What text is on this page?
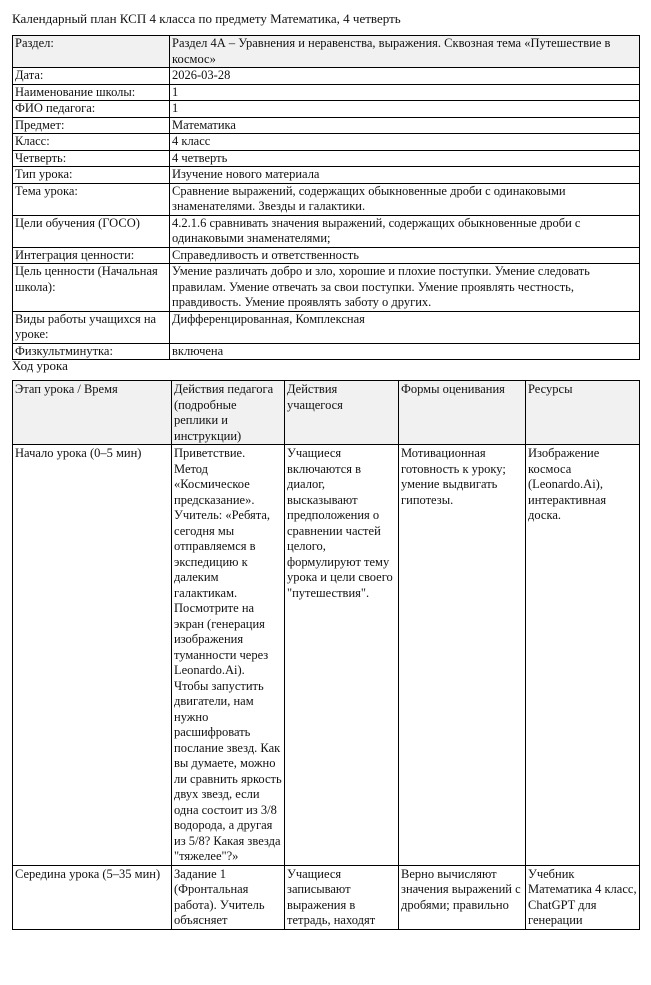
Календарный план КСП 4 класса по предмету Математика, 4 четверть
Раздел:	Раздел 4А – Уравнения и неравенства, выражения. Сквозная тема «Путешествие в космос»
Дата:	2026-03-28
Наименование школы:	1
ФИО педагога:	1
Предмет:	Математика
Класс:	4 класс
Четверть:	4 четверть
Тип урока:	Изучение нового материала
Тема урока:	Сравнение выражений, содержащих обыкновенные дроби с одинаковыми знаменателями. Звезды и галактики.
Цели обучения (ГОСО)	4.2.1.6 сравнивать значения выражений, содержащих обыкновенные дроби с одинаковыми знаменателями;
Интеграция ценности:	Справедливость и ответственность
Цель ценности (Начальная школа):	Умение различать добро и зло, хорошие и плохие поступки. Умение следовать правилам. Умение отвечать за свои поступки. Умение проявлять честность, правдивость. Умение проявлять заботу о других.
Виды работы учащихся на уроке:	Дифференцированная, Комплексная
Физкультминутка:	включена
Ход урока
Этап урока / Время	Действия педагога (подробные реплики и инструкции)	Действия учащегося	Формы оценивания	Ресурсы
Начало урока (0–5 мин)	Приветствие. Метод «Космическое предсказание». Учитель: «Ребята, сегодня мы отправляемся в экспедицию к далеким галактикам. Посмотрите на экран (генерация изображения туманности через Leonardo.Ai). Чтобы запустить двигатели, нам нужно расшифровать послание звезд. Как вы думаете, можно ли сравнить яркость двух звезд, если одна состоит из 3/8 водорода, а другая из 5/8? Какая звезда "тяжелее"?»	Учащиеся включаются в диалог, высказывают предположения о сравнении частей целого, формулируют тему урока и цели своего "путешествия".	Мотивационная готовность к уроку; умение выдвигать гипотезы.	Изображение космоса (Leonardo.Ai), интерактивная доска.
Середина урока (5–35 мин)	Задание 1 (Фронтальная работа). Учитель объясняет	Учащиеся записывают выражения в тетрадь, находят	Верно вычисляют значения выражений с дробями; правильно	Учебник Математика 4 класс, ChatGPT для генерации
